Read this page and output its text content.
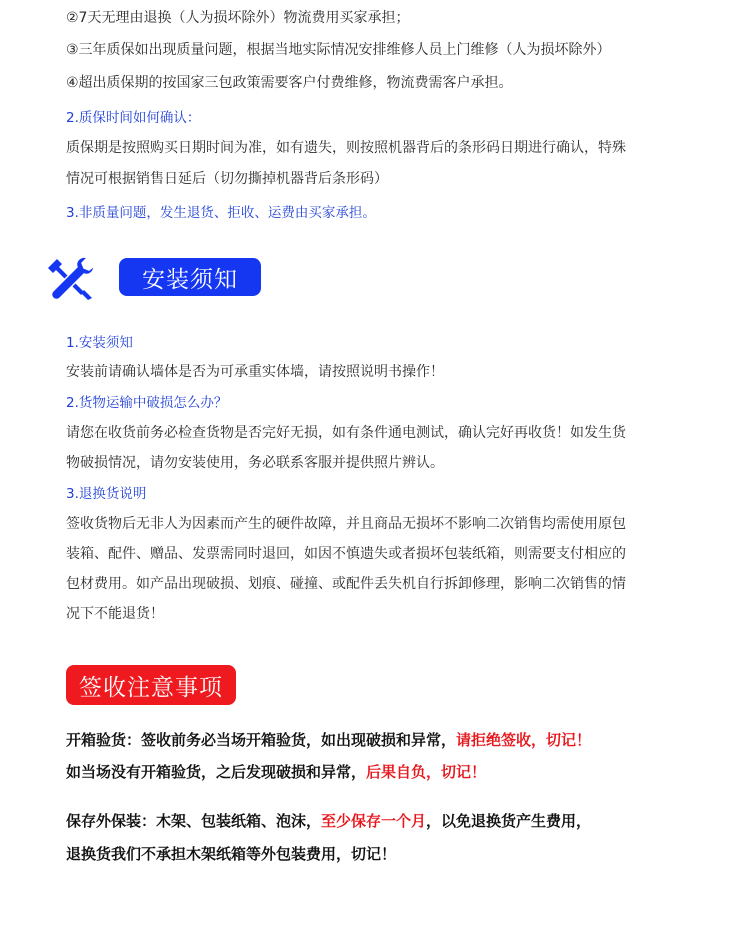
②7天无理由退换（人为损坏除外）物流费用买家承担；
③三年质保如出现质量问题，根据当地实际情况安排维修人员上门维修（人为损坏除外）
④超出质保期的按国家三包政策需要客户付费维修，物流费需客户承担。
2.质保时间如何确认：
质保期是按照购买日期时间为准，如有遗失，则按照机器背后的条形码日期进行确认，特殊
情况可根据销售日延后（切勿撕掉机器背后条形码）
3.非质量问题，发生退货、拒收、运费由买家承担。
安装须知
1.安装须知
安装前请确认墙体是否为可承重实体墙，请按照说明书操作！
2.货物运输中破损怎么办？
请您在收货前务必检查货物是否完好无损，如有条件通电测试，确认完好再收货！如发生货
物破损情况，请勿安装使用，务必联系客服并提供照片辨认。
3.退换货说明
签收货物后无非人为因素而产生的硬件故障，并且商品无损坏不影响二次销售均需使用原包
装箱、配件、赠品、发票需同时退回，如因不慎遗失或者损坏包装纸箱，则需要支付相应的
包材费用。如产品出现破损、划痕、碰撞、或配件丢失机自行拆卸修理，影响二次销售的情
况下不能退货！
签收注意事项
开箱验货：签收前务必当场开箱验货，如出现破损和异常，请拒绝签收，切记！
如当场没有开箱验货，之后发现破损和异常，后果自负，切记！
保存外保装：木架、包装纸箱、泡沫，至少保存一个月，以免退换货产生费用，
退换货我们不承担木架纸箱等外包装费用，切记！
